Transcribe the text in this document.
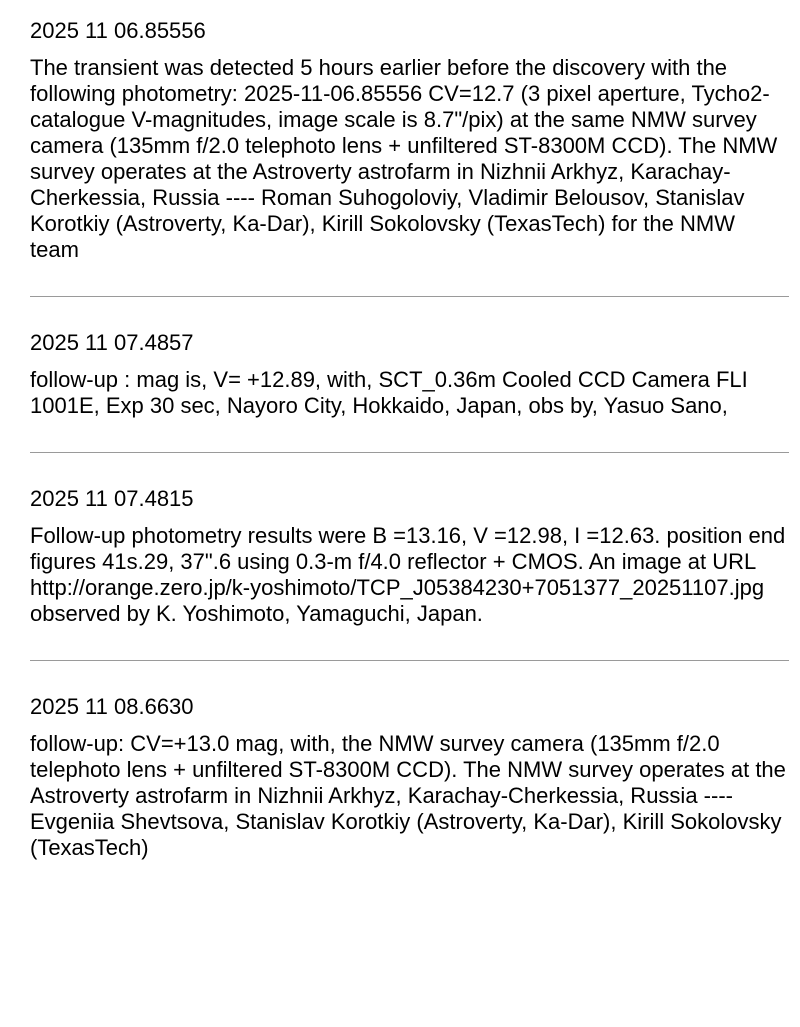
2025 11 06.85556

The transient was detected 5 hours earlier before the discovery with the following photometry: 2025-11-06.85556 CV=12.7 (3 pixel aperture, Tycho2-catalogue V-magnitudes, image scale is 8.7"/pix) at the same NMW survey camera (135mm f/2.0 telephoto lens + unfiltered ST-8300M CCD). The NMW survey operates at the Astroverty astrofarm in Nizhnii Arkhyz, Karachay-Cherkessia, Russia ---- Roman Suhogoloviy, Vladimir Belousov, Stanislav Korotkiy (Astroverty, Ka-Dar), Kirill Sokolovsky (TexasTech) for the NMW team

2025 11 07.4857

follow-up : mag is, V= +12.89, with, SCT_0.36m Cooled CCD Camera FLI 1001E, Exp 30 sec, Nayoro City, Hokkaido, Japan, obs by, Yasuo Sano,

2025 11 07.4815

Follow-up photometry results were B =13.16, V =12.98, I =12.63. position end figures 41s.29, 37".6 using 0.3-m f/4.0 reflector + CMOS. An image at URL http://orange.zero.jp/k-yoshimoto/TCP_J05384230+7051377_20251107.jpg observed by K. Yoshimoto, Yamaguchi, Japan.

2025 11 08.6630

follow-up: CV=+13.0 mag, with, the NMW survey camera (135mm f/2.0 telephoto lens + unfiltered ST-8300M CCD). The NMW survey operates at the Astroverty astrofarm in Nizhnii Arkhyz, Karachay-Cherkessia, Russia ---- Evgeniia Shevtsova, Stanislav Korotkiy (Astroverty, Ka-Dar), Kirill Sokolovsky (TexasTech)
